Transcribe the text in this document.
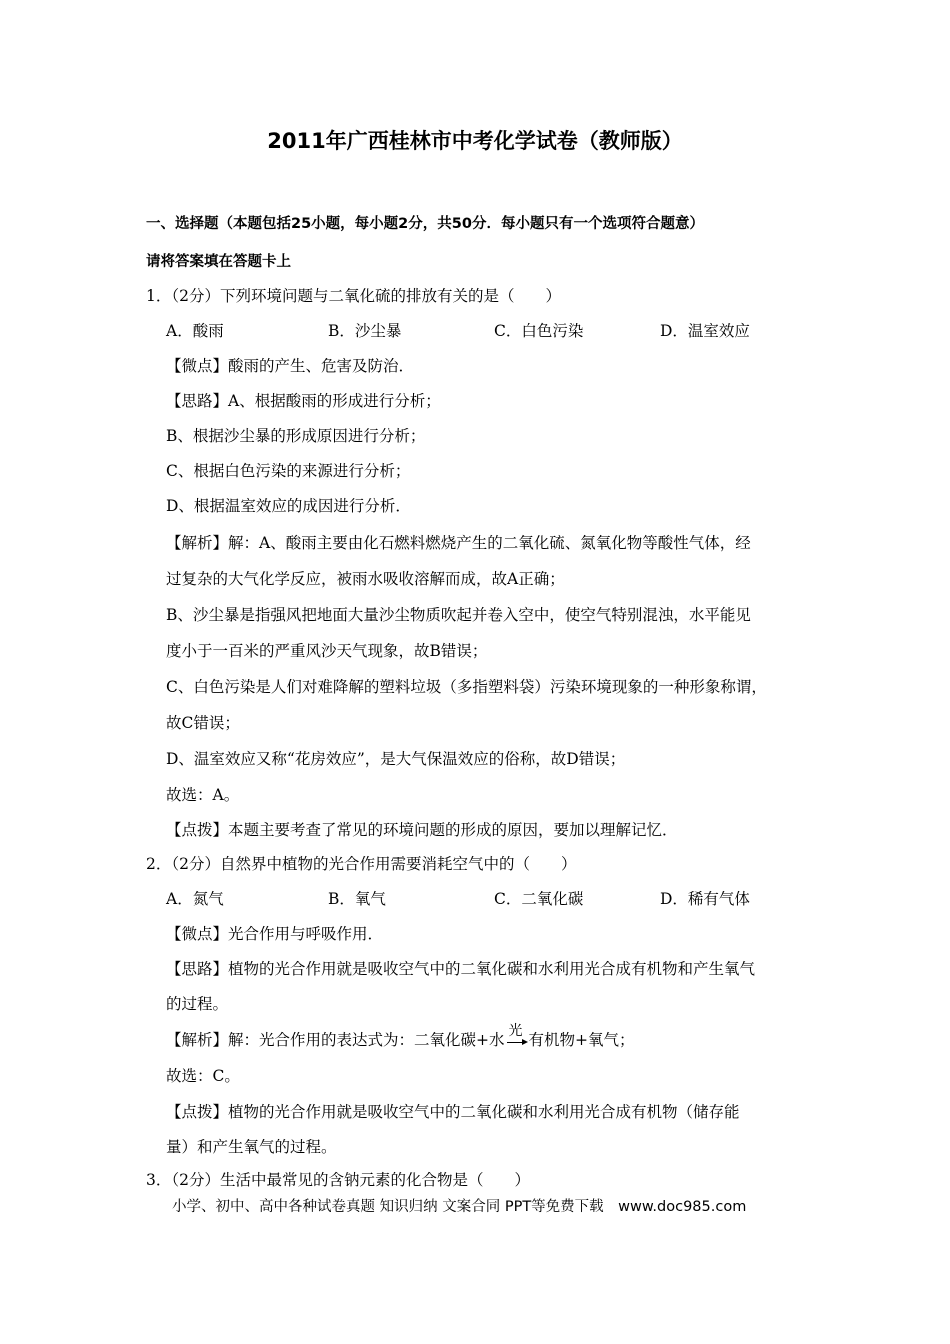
2011年广西桂林市中考化学试卷（教师版）
一、选择题（本题包括25小题，每小题2分，共50分．每小题只有一个选项符合题意）
请将答案填在答题卡上
1．（2分）下列环境问题与二氧化硫的排放有关的是（　　）
A．酸雨	B．沙尘暴	C．白色污染	D．温室效应
【微点】酸雨的产生、危害及防治．
【思路】A、根据酸雨的形成进行分析；
B、根据沙尘暴的形成原因进行分析；
C、根据白色污染的来源进行分析；
D、根据温室效应的成因进行分析．
【解析】解：A、酸雨主要由化石燃料燃烧产生的二氧化硫、氮氧化物等酸性气体，经
过复杂的大气化学反应，被雨水吸收溶解而成，故A正确；
B、沙尘暴是指强风把地面大量沙尘物质吹起并卷入空中，使空气特别混浊，水平能见
度小于一百米的严重风沙天气现象，故B错误；
C、白色污染是人们对难降解的塑料垃圾（多指塑料袋）污染环境现象的一种形象称谓，
故C错误；
D、温室效应又称“花房效应”，是大气保温效应的俗称，故D错误；
故选：A。
【点拨】本题主要考查了常见的环境问题的形成的原因，要加以理解记忆．
2．（2分）自然界中植物的光合作用需要消耗空气中的（　　）
A．氮气	B．氧气	C．二氧化碳	D．稀有气体
【微点】光合作用与呼吸作用．
【思路】植物的光合作用就是吸收空气中的二氧化碳和水利用光合成有机物和产生氧气
的过程。
【解析】解：光合作用的表达式为：二氧化碳+水 光 有机物+氧气；
故选：C。
【点拨】植物的光合作用就是吸收空气中的二氧化碳和水利用光合成有机物（储存能
量）和产生氧气的过程。
3．（2分）生活中最常见的含钠元素的化合物是（　　）
小学、初中、高中各种试卷真题 知识归纳 文案合同 PPT等免费下载　www.doc985.com
